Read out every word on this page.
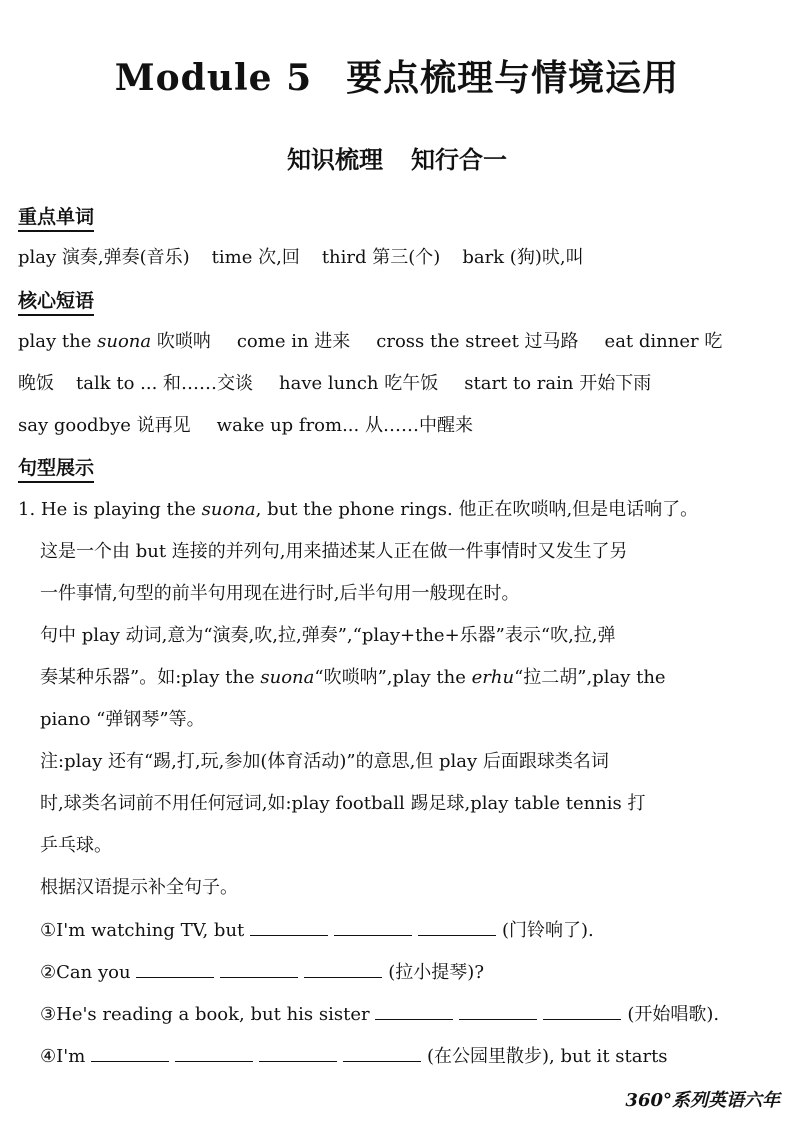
Module 5 要点梳理与情境运用
知识梳理 知行合一
重点单词
play 演奏,弹奏(音乐) time 次,回 third 第三(个) bark (狗)吠,叫
核心短语
play the suona 吹唢呐 come in 进来 cross the street 过马路 eat dinner 吃
晚饭 talk to ... 和……交谈 have lunch 吃午饭 start to rain 开始下雨
say goodbye 说再见 wake up from... 从……中醒来
句型展示
1. He is playing the suona, but the phone rings. 他正在吹唢呐,但是电话响了。
这是一个由 but 连接的并列句,用来描述某人正在做一件事情时又发生了另
一件事情,句型的前半句用现在进行时,后半句用一般现在时。
句中 play 动词,意为“演奏,吹,拉,弹奏”,“play+the+乐器”表示“吹,拉,弹
奏某种乐器”。如:play the suona“吹唢呐”,play the erhu“拉二胡”,play the
piano “弹钢琴”等。
注:play 还有“踢,打,玩,参加(体育活动)”的意思,但 play 后面跟球类名词
时,球类名词前不用任何冠词,如:play football 踢足球,play table tennis 打
乒乓球。
根据汉语提示补全句子。
①I'm watching TV, but	(门铃响了).
②Can you	(拉小提琴)?
③He's reading a book, but his sister	(开始唱歌).
④I'm	(在公园里散步), but it starts
360°系列英语六年
